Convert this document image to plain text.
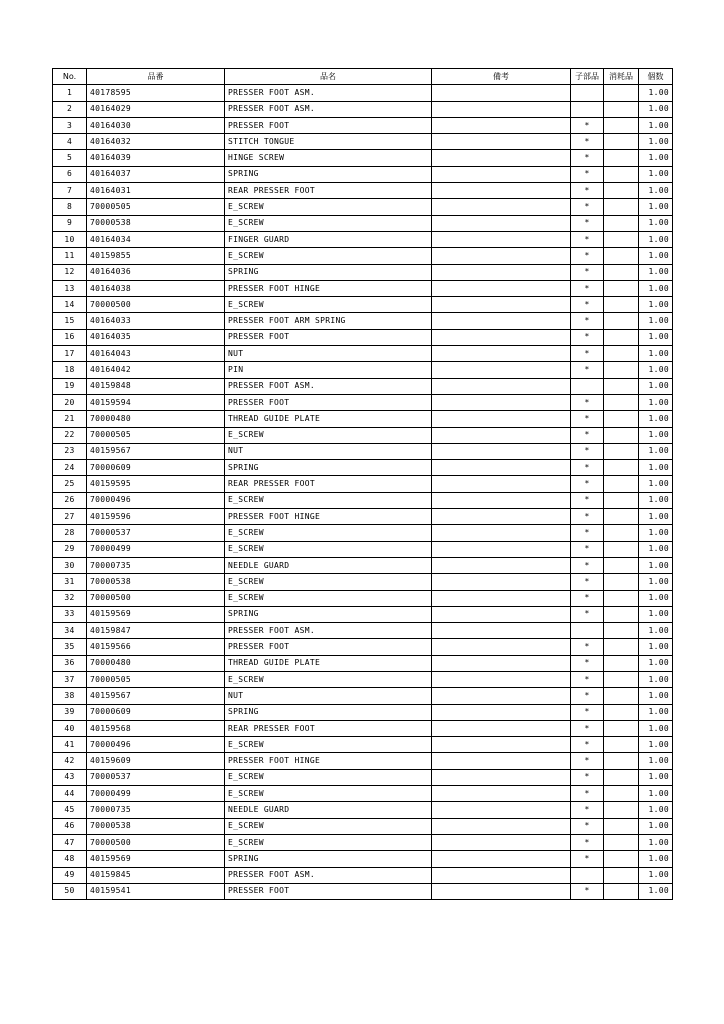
No.	品番	品名	備考	子部品	消耗品	個数
1	40178595	PRESSER FOOT ASM.				1.00
2	40164029	PRESSER FOOT ASM.				1.00
3	40164030	PRESSER FOOT		*		1.00
4	40164032	STITCH TONGUE		*		1.00
5	40164039	HINGE SCREW		*		1.00
6	40164037	SPRING		*		1.00
7	40164031	REAR PRESSER FOOT		*		1.00
8	70000505	E_SCREW		*		1.00
9	70000538	E_SCREW		*		1.00
10	40164034	FINGER GUARD		*		1.00
11	40159855	E_SCREW		*		1.00
12	40164036	SPRING		*		1.00
13	40164038	PRESSER FOOT HINGE		*		1.00
14	70000500	E_SCREW		*		1.00
15	40164033	PRESSER FOOT ARM SPRING		*		1.00
16	40164035	PRESSER FOOT		*		1.00
17	40164043	NUT		*		1.00
18	40164042	PIN		*		1.00
19	40159848	PRESSER FOOT ASM.				1.00
20	40159594	PRESSER FOOT		*		1.00
21	70000480	THREAD GUIDE PLATE		*		1.00
22	70000505	E_SCREW		*		1.00
23	40159567	NUT		*		1.00
24	70000609	SPRING		*		1.00
25	40159595	REAR PRESSER FOOT		*		1.00
26	70000496	E_SCREW		*		1.00
27	40159596	PRESSER FOOT HINGE		*		1.00
28	70000537	E_SCREW		*		1.00
29	70000499	E_SCREW		*		1.00
30	70000735	NEEDLE GUARD		*		1.00
31	70000538	E_SCREW		*		1.00
32	70000500	E_SCREW		*		1.00
33	40159569	SPRING		*		1.00
34	40159847	PRESSER FOOT ASM.				1.00
35	40159566	PRESSER FOOT		*		1.00
36	70000480	THREAD GUIDE PLATE		*		1.00
37	70000505	E_SCREW		*		1.00
38	40159567	NUT		*		1.00
39	70000609	SPRING		*		1.00
40	40159568	REAR PRESSER FOOT		*		1.00
41	70000496	E_SCREW		*		1.00
42	40159609	PRESSER FOOT HINGE		*		1.00
43	70000537	E_SCREW		*		1.00
44	70000499	E_SCREW		*		1.00
45	70000735	NEEDLE GUARD		*		1.00
46	70000538	E_SCREW		*		1.00
47	70000500	E_SCREW		*		1.00
48	40159569	SPRING		*		1.00
49	40159845	PRESSER FOOT ASM.				1.00
50	40159541	PRESSER FOOT		*		1.00
